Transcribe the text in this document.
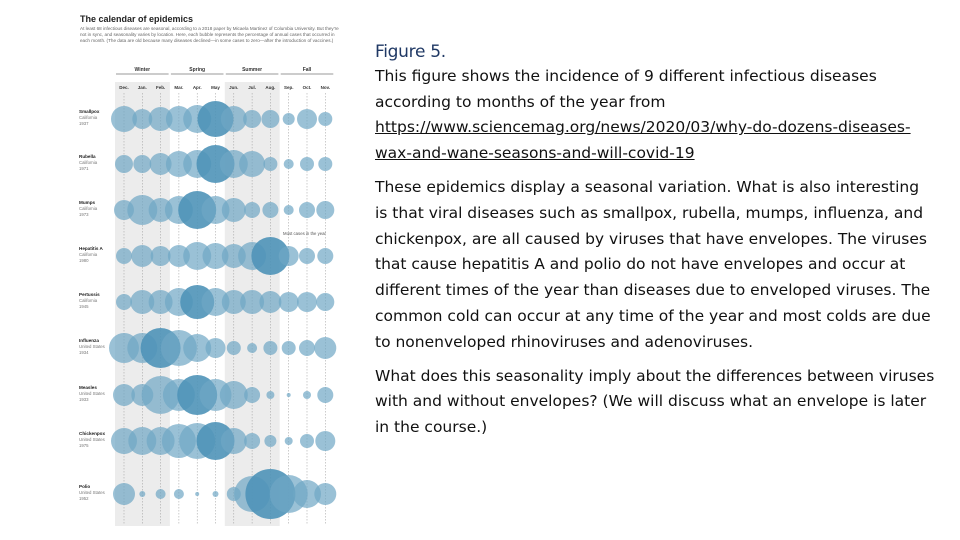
The calendar of epidemics
At least 68 infectious diseases are seasonal, according to a 2018 paper by Micaela Martinez of Columbia University. But they're not in sync, and seasonality varies by location. Here, each bubble represents the percentage of annual cases that occurred in each month. (The data are old because many diseases declined—in some cases to zero—after the introduction of vaccines.)
Winter	Spring	Summer	Fall
Dec. Jan. Feb. Mar. Apr. May Jun. Jul. Aug. Sep. Oct. Nov.
Smallpox
California
1937
Rubella
California
1971
Mumps
California
1973
Hepatitis A
California
1980
Pertussis
California
1945
Influenza
United States
1934
Measles
United States
1933
Chickenpox
United States
1975
Polio
United States
1952
Most cases in the year
Figure 5.

This figure shows the incidence of 9 different infectious diseases according to months of the year from https://www.sciencemag.org/news/2020/03/why-do-dozens-diseases-wax-and-wane-seasons-and-will-covid-19

These epidemics display a seasonal variation. What is also interesting is that viral diseases such as smallpox, rubella, mumps, influenza, and chickenpox, are all caused by viruses that have envelopes. The viruses that cause hepatitis A and polio do not have envelopes and occur at different times of the year than diseases due to enveloped viruses. The common cold can occur at any time of the year and most colds are due to nonenveloped rhinoviruses and adenoviruses.

What does this seasonality imply about the differences between viruses with and without envelopes? (We will discuss what an envelope is later in the course.)
